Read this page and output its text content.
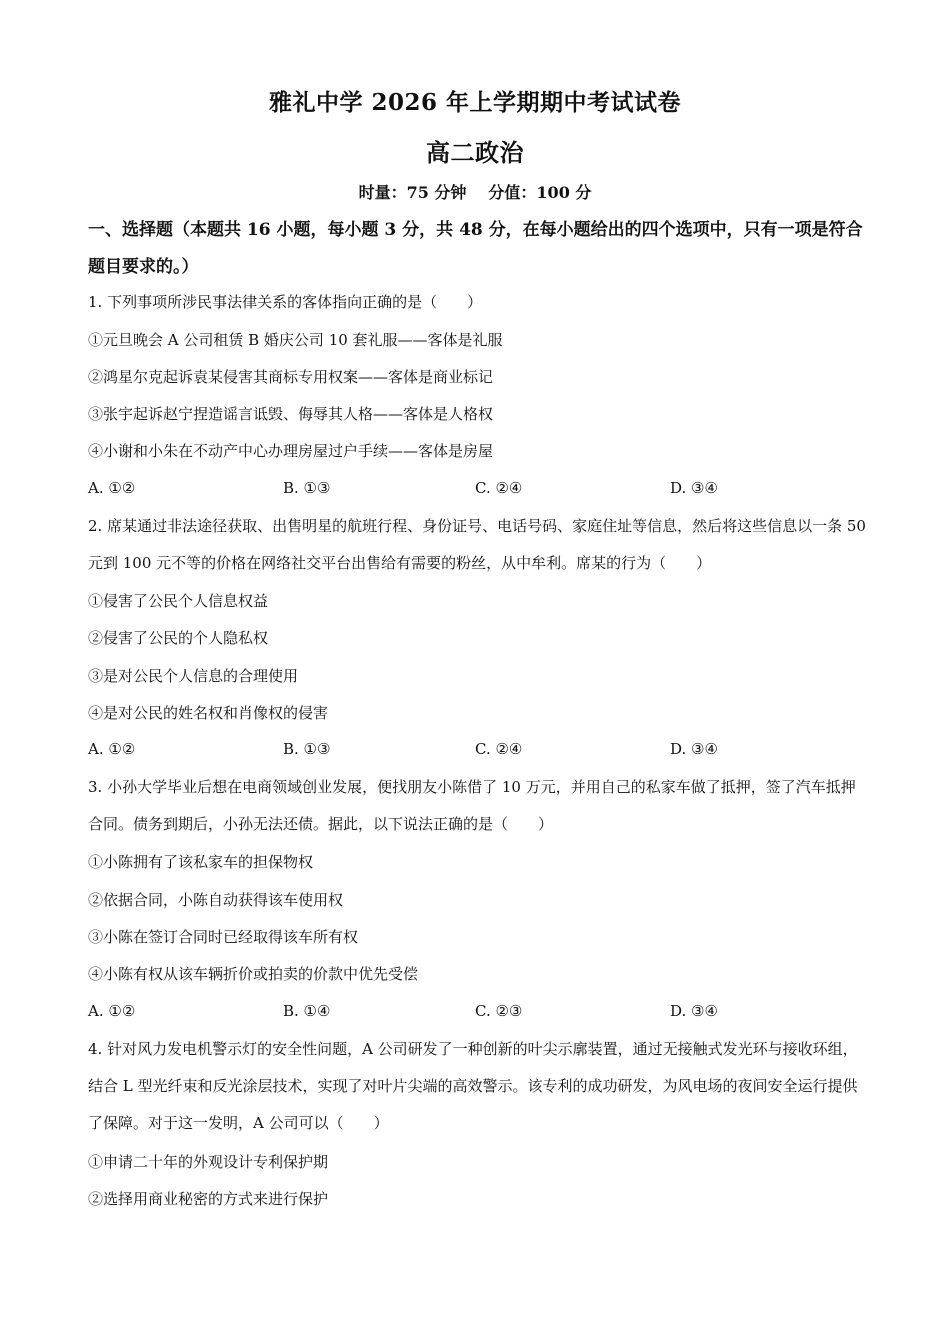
雅礼中学 2026 年上学期期中考试试卷
高二政治
时量：75 分钟 分值：100 分
一、选择题（本题共 16 小题，每小题 3 分，共 48 分，在每小题给出的四个选项中，只有一项是符合题目要求的。）
1. 下列事项所涉民事法律关系的客体指向正确的是（　　）
①元旦晚会 A 公司租赁 B 婚庆公司 10 套礼服——客体是礼服
②鸿星尔克起诉袁某侵害其商标专用权案——客体是商业标记
③张宇起诉赵宁捏造谣言诋毁、侮辱其人格——客体是人格权
④小谢和小朱在不动产中心办理房屋过户手续——客体是房屋
A. ①②	B. ①③	C. ②④	D. ③④
2. 席某通过非法途径获取、出售明星的航班行程、身份证号、电话号码、家庭住址等信息，然后将这些信息以一条 50 元到 100 元不等的价格在网络社交平台出售给有需要的粉丝，从中牟利。席某的行为（　　）
①侵害了公民个人信息权益
②侵害了公民的个人隐私权
③是对公民个人信息的合理使用
④是对公民的姓名权和肖像权的侵害
A. ①②	B. ①③	C. ②④	D. ③④
3. 小孙大学毕业后想在电商领域创业发展，便找朋友小陈借了 10 万元，并用自己的私家车做了抵押，签了汽车抵押合同。债务到期后，小孙无法还债。据此，以下说法正确的是（　　）
①小陈拥有了该私家车的担保物权
②依据合同，小陈自动获得该车使用权
③小陈在签订合同时已经取得该车所有权
④小陈有权从该车辆折价或拍卖的价款中优先受偿
A. ①②	B. ①④	C. ②③	D. ③④
4. 针对风力发电机警示灯的安全性问题，A 公司研发了一种创新的叶尖示廓装置，通过无接触式发光环与接收环组，结合 L 型光纤束和反光涂层技术，实现了对叶片尖端的高效警示。该专利的成功研发，为风电场的夜间安全运行提供了保障。对于这一发明，A 公司可以（　　）
①申请二十年的外观设计专利保护期
②选择用商业秘密的方式来进行保护
